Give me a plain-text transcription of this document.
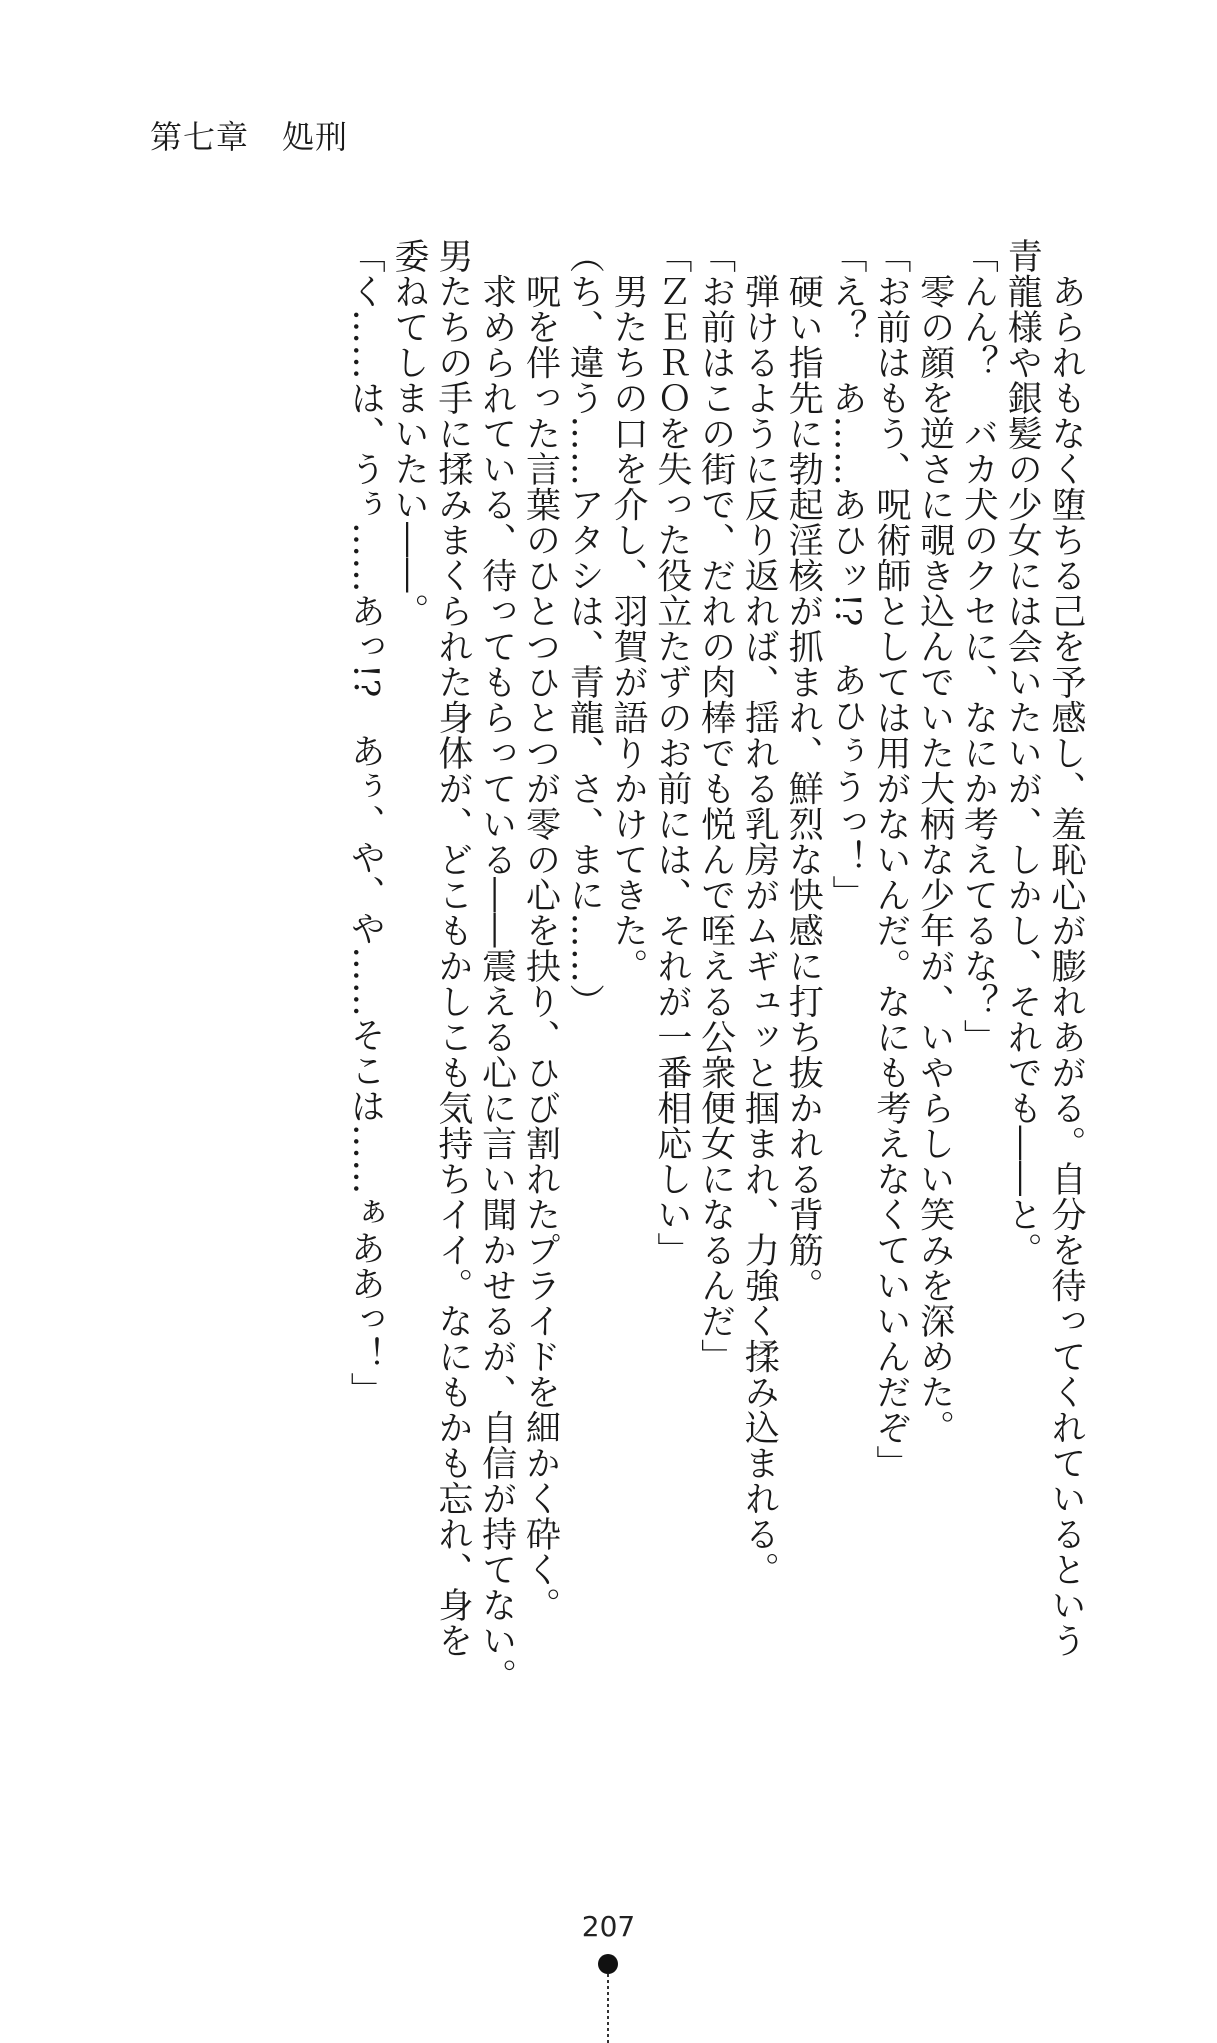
第七章　処刑

　あられもなく堕ちる己を予感し、羞恥心が膨れあがる。自分を待ってくれているという

青龍様や銀髪の少女には会いたいが、しかし、それでも――と。

「んん？　バカ犬のクセに、なにか考えてるな？」

　零の顔を逆さに覗き込んでいた大柄な少年が、いやらしい笑みを深めた。

「お前はもう、呪術師としては用がないんだ。なにも考えなくていいんだぞ」

「え？　あ……あひッ!?　あひぅうっ！」

　硬い指先に勃起淫核が抓まれ、鮮烈な快感に打ち抜かれる背筋。

　弾けるように反り返れば、揺れる乳房がムギュッと掴まれ、力強く揉み込まれる。

「お前はこの街で、だれの肉棒でも悦んで咥える公衆便女になるんだ」

「ＺＥＲＯを失った役立たずのお前には、それが一番相応しい」

　男たちの口を介し、羽賀が語りかけてきた。

（ち、違う……アタシは、青龍、さ、まに……）

　呪を伴った言葉のひとつひとつが零の心を抉り、ひび割れたプライドを細かく砕く。

　求められている、待ってもらっている――震える心に言い聞かせるが、自信が持てない。

男たちの手に揉みまくられた身体が、どこもかしこも気持ちイイ。なにもかも忘れ、身を

委ねてしまいたい――。

「く……は、うぅ……あっ!?　あぅ、や、や……そこは……ぁああっ！」

207
